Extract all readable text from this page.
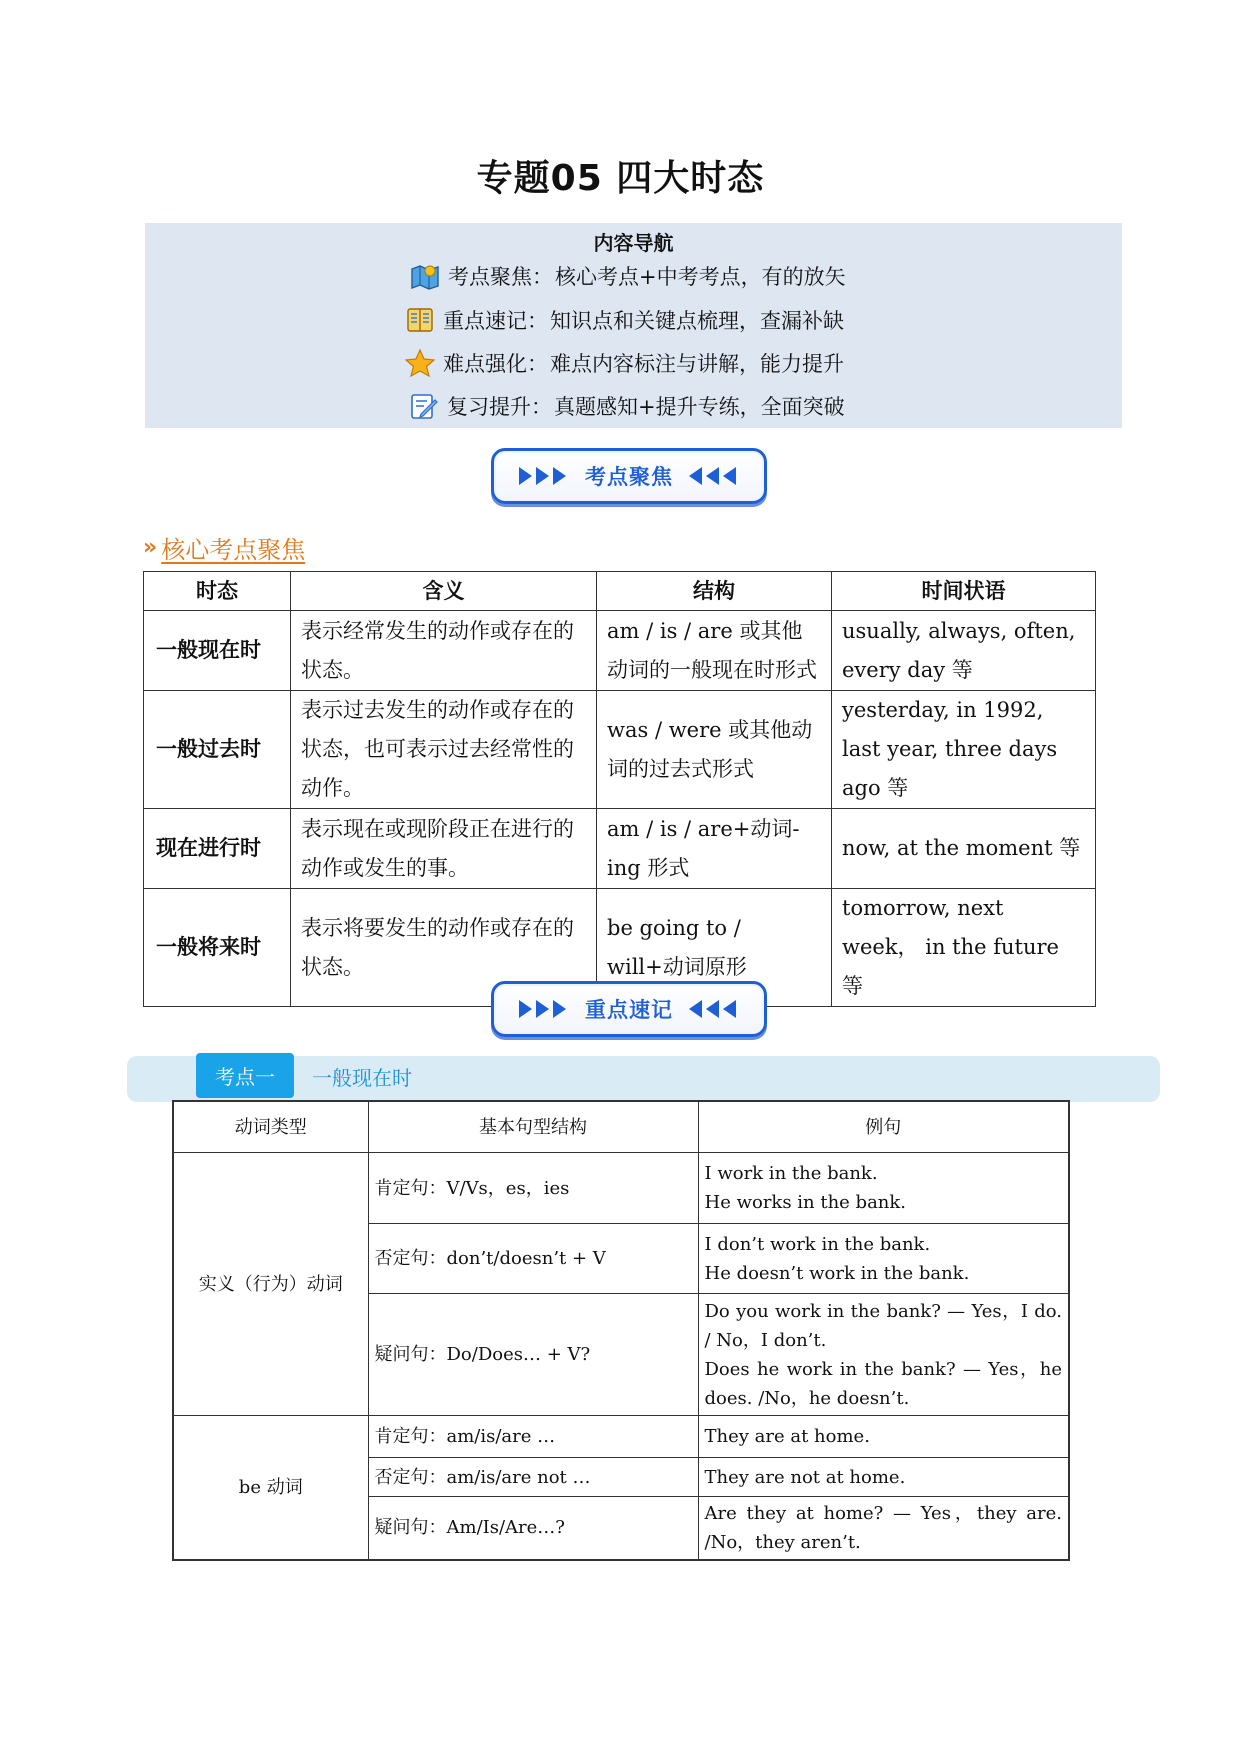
专题05 四大时态
内容导航
考点聚焦： 核心考点+中考考点，有的放矢
重点速记： 知识点和关键点梳理，查漏补缺
难点强化： 难点内容标注与讲解，能力提升
复习提升： 真题感知+提升专练，全面突破
考点聚焦
» 核心考点聚焦
时态	含义	结构	时间状语
一般现在时	表示经常发生的动作或存在的状态。	am / is / are 或其他动词的一般现在时形式	usually, always, often, every day 等
一般过去时	表示过去发生的动作或存在的状态，也可表示过去经常性的动作。	was / were 或其他动词的过去式形式	yesterday, in 1992, last year, three days ago 等
现在进行时	表示现在或现阶段正在进行的动作或发生的事。	am / is / are+动词-ing 形式	now, at the moment 等
一般将来时	表示将要发生的动作或存在的状态。	be going to / will+动词原形	tomorrow, next week， in the future 等
重点速记
考点一	一般现在时
动词类型	基本句型结构	例句
实义（行为）动词	肯定句：V/Vs，es，ies	I work in the bank.
He works in the bank.

	否定句：don’t/doesn’t + V	I don’t work in the bank.
He doesn’t work in the bank.

	疑问句：Do/Does… + V?	Do you work in the bank? — Yes，I do. / No，I don’t.
Does he work in the bank? — Yes，he does. /No，he doesn’t.

be 动词	肯定句：am/is/are …	They are at home.
	否定句：am/is/are not …	They are not at home.
	疑问句：Am/Is/Are…?	Are they at home? — Yes，they are. /No，they aren’t.
